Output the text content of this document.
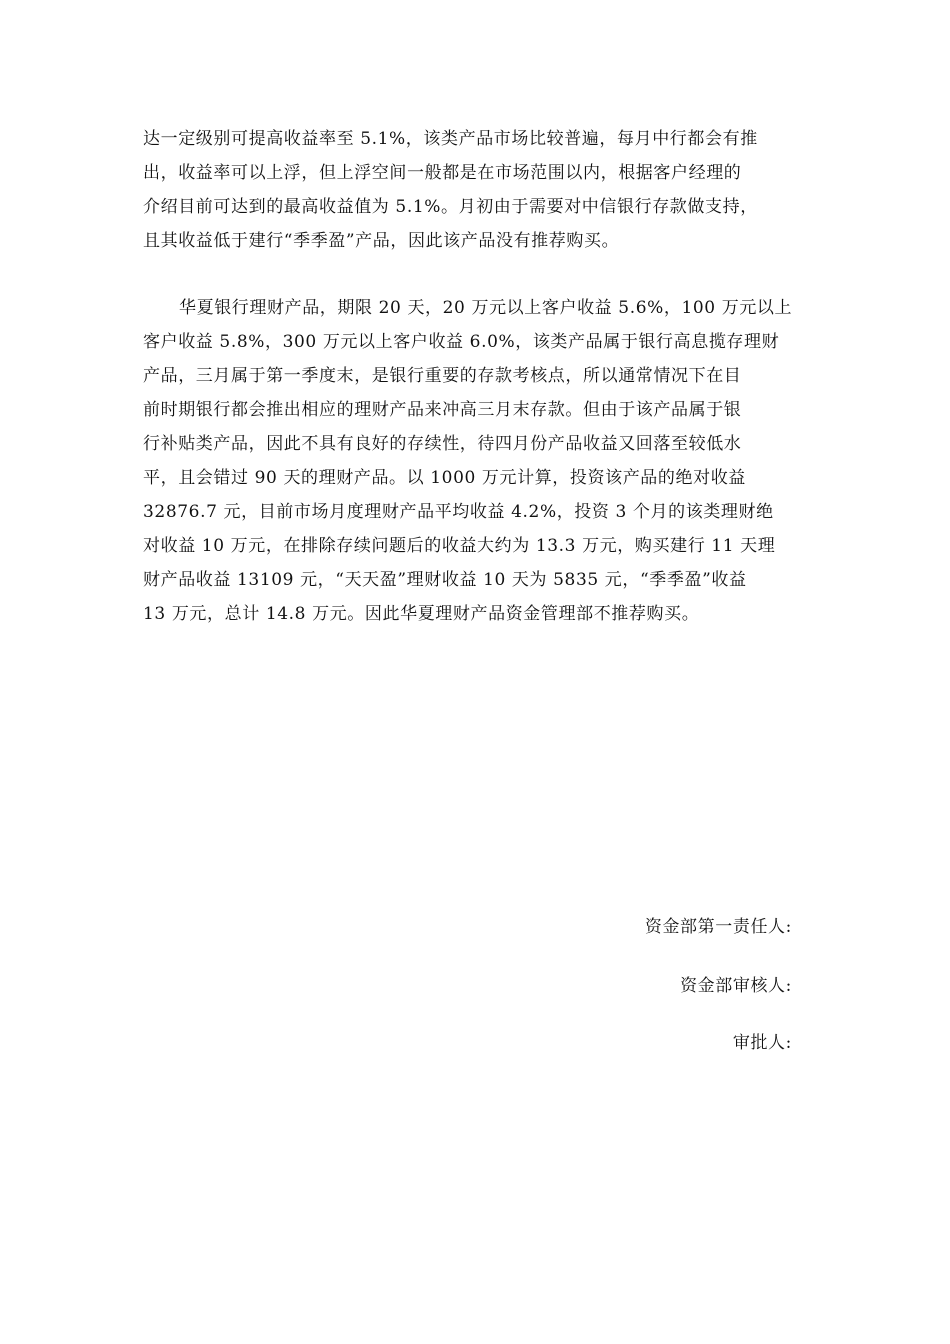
达一定级别可提高收益率至 5.1%，该类产品市场比较普遍，每月中行都会有推
出，收益率可以上浮，但上浮空间一般都是在市场范围以内，根据客户经理的
介绍目前可达到的最高收益值为 5.1%。月初由于需要对中信银行存款做支持，
且其收益低于建行“季季盈”产品，因此该产品没有推荐购买。
华夏银行理财产品，期限 20 天，20 万元以上客户收益 5.6%，100 万元以上
客户收益 5.8%，300 万元以上客户收益 6.0%，该类产品属于银行高息揽存理财
产品，三月属于第一季度末，是银行重要的存款考核点，所以通常情况下在目
前时期银行都会推出相应的理财产品来冲高三月末存款。但由于该产品属于银
行补贴类产品，因此不具有良好的存续性，待四月份产品收益又回落至较低水
平，且会错过 90 天的理财产品。以 1000 万元计算，投资该产品的绝对收益
32876.7 元，目前市场月度理财产品平均收益 4.2%，投资 3 个月的该类理财绝
对收益 10 万元，在排除存续问题后的收益大约为 13.3 万元，购买建行 11 天理
财产品收益 13109 元，“天天盈”理财收益 10 天为 5835 元，“季季盈”收益
13 万元，总计 14.8 万元。因此华夏理财产品资金管理部不推荐购买。
资金部第一责任人:
资金部审核人:
审批人:
